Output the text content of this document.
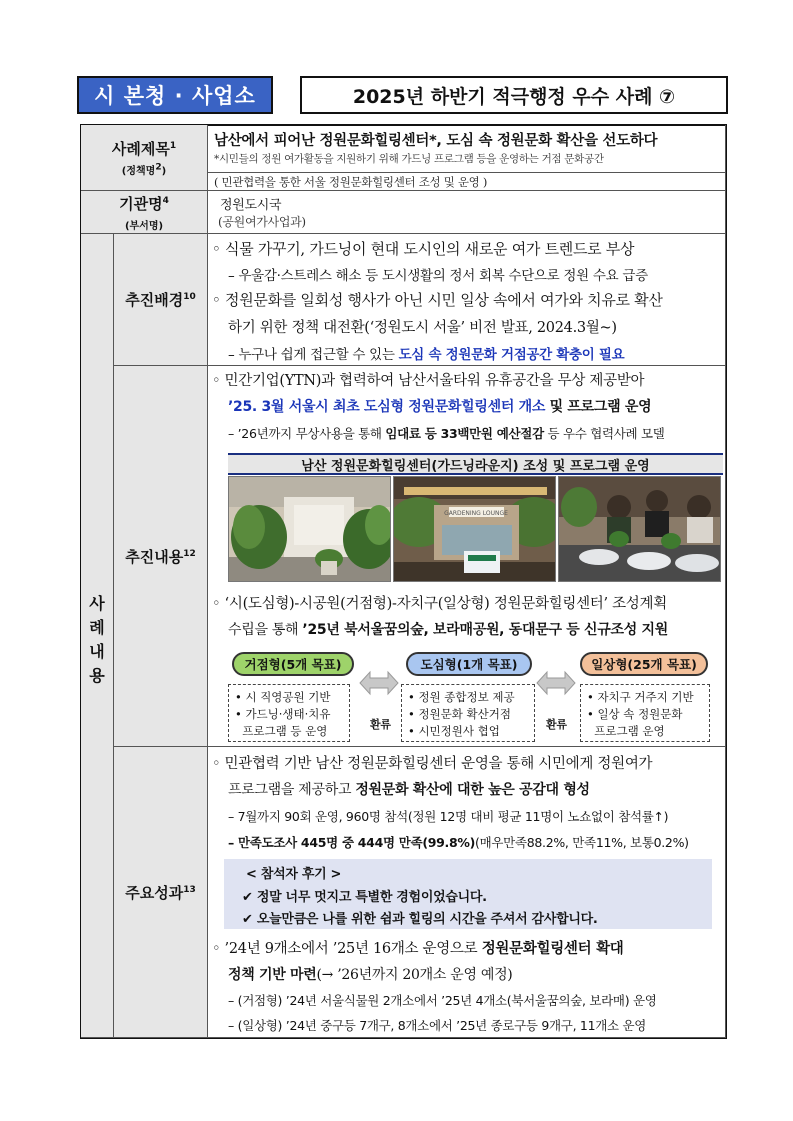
시 본청 · 사업소	2025년 하반기 적극행정 우수 사례 ⑦
사례제목$^1$
(정책명$^2$)
남산에서 피어난 정원문화힐링센터*, 도심 속 정원문화 확산을 선도하다
*시민들의 정원 여가활동을 지원하기 위해 가드닝 프로그램 등을 운영하는 거점 문화공간
( 민관협력을 통한 서울 정원문화힐링센터 조성 및 운영 )
기관명$^4$
(부서명)
정원도시국
(공원여가사업과)
사
례
내
용
추진배경$^{10}$
◦ 식물 가꾸기, 가드닝이 현대 도시인의 새로운 여가 트렌드로 부상
– 우울감·스트레스 해소 등 도시생활의 정서 회복 수단으로 정원 수요 급증
◦ 정원문화를 일회성 행사가 아닌 시민 일상 속에서 여가와 치유로 확산
하기 위한 정책 대전환(‘정원도시 서울’ 비전 발표, 2024.3월~)
– 누구나 쉽게 접근할 수 있는 도심 속 정원문화 거점공간 확충이 필요
추진내용$^{12}$
◦ 민간기업(YTN)과 협력하여 남산서울타워 유휴공간을 무상 제공받아
’25. 3월 서울시 최초 도심형 정원문화힐링센터 개소 및 프로그램 운영
– ’26년까지 무상사용을 통해 임대료 등 33백만원 예산절감 등 우수 협력사례 모델
남산 정원문화힐링센터(가드닝라운지) 조성 및 프로그램 운영
GARDENING LOUNGE
◦ ‘시(도심형)-시공원(거점형)-자치구(일상형) 정원문화힐링센터’ 조성계획
수립을 통해 ’25년 북서울꿈의숲, 보라매공원, 동대문구 등 신규조성 지원
거점형(5개 목표)	도심형(1개 목표)	일상형(25개 목표)
• 시 직영공원 기반
• 가드닝·생태·치유
프로그램 등 운영
• 정원 종합정보 제공
• 정원문화 확산거점
• 시민정원사 협업
• 자치구 거주지 기반
• 일상 속 정원문화
프로그램 운영
환류	환류
주요성과$^{13}$
◦ 민관협력 기반 남산 정원문화힐링센터 운영을 통해 시민에게 정원여가
프로그램을 제공하고 정원문화 확산에 대한 높은 공감대 형성
– 7월까지 90회 운영, 960명 참석(정원 12명 대비 평균 11명이 노쇼없이 참석률↑)
– 만족도조사 445명 중 444명 만족(99.8%)(매우만족88.2%, 만족11%, 보통0.2%)
< 참석자 후기 >
✔ 정말 너무 멋지고 특별한 경험이었습니다.
✔ 오늘만큼은 나를 위한 쉼과 힐링의 시간을 주셔서 감사합니다.
◦ ’24년 9개소에서 ’25년 16개소 운영으로 정원문화힐링센터 확대
정책 기반 마련(→ ’26년까지 20개소 운영 예정)
– (거점형) ’24년 서울식물원 2개소에서 ’25년 4개소(북서울꿈의숲, 보라매) 운영
– (일상형) ’24년 중구등 7개구, 8개소에서 ’25년 종로구등 9개구, 11개소 운영
